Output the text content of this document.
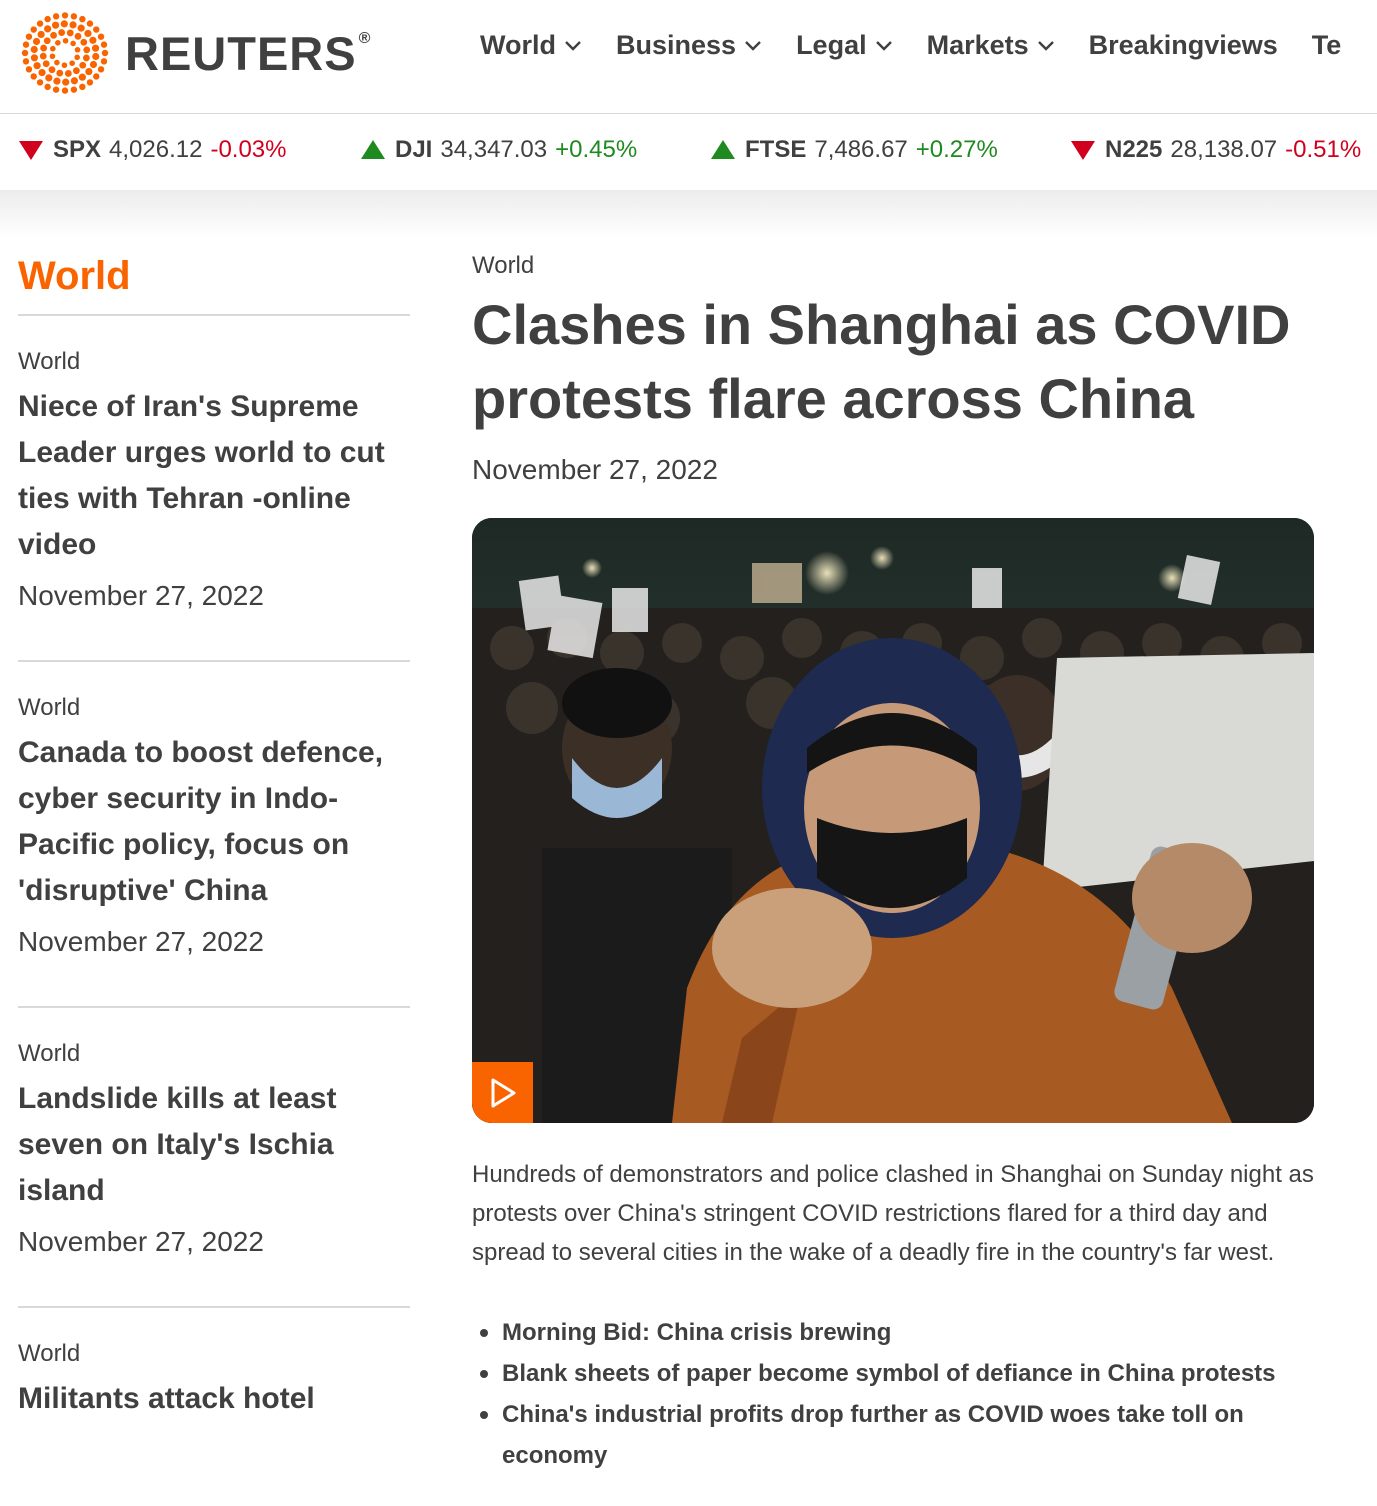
REUTERS ®	World Business Legal Markets Breakingviews Te
SPX 4,026.12 -0.03%	DJI 34,347.03 +0.45%	FTSE 7,486.67 +0.27%	N225 28,138.07 -0.51%
World
World
Niece of Iran's Supreme Leader urges world to cut ties with Tehran -online video
November 27, 2022
World
Canada to boost defence, cyber security in Indo-Pacific policy, focus on 'disruptive' China
November 27, 2022
World
Landslide kills at least seven on Italy's Ischia island
November 27, 2022
World
Militants attack hotel
World
Clashes in Shanghai as COVID protests flare across China
November 27, 2022
Hundreds of demonstrators and police clashed in Shanghai on Sunday night as protests over China's stringent COVID restrictions flared for a third day and spread to several cities in the wake of a deadly fire in the country's far west.
Morning Bid: China crisis brewing
Blank sheets of paper become symbol of defiance in China protests
China's industrial profits drop further as COVID woes take toll on economy
